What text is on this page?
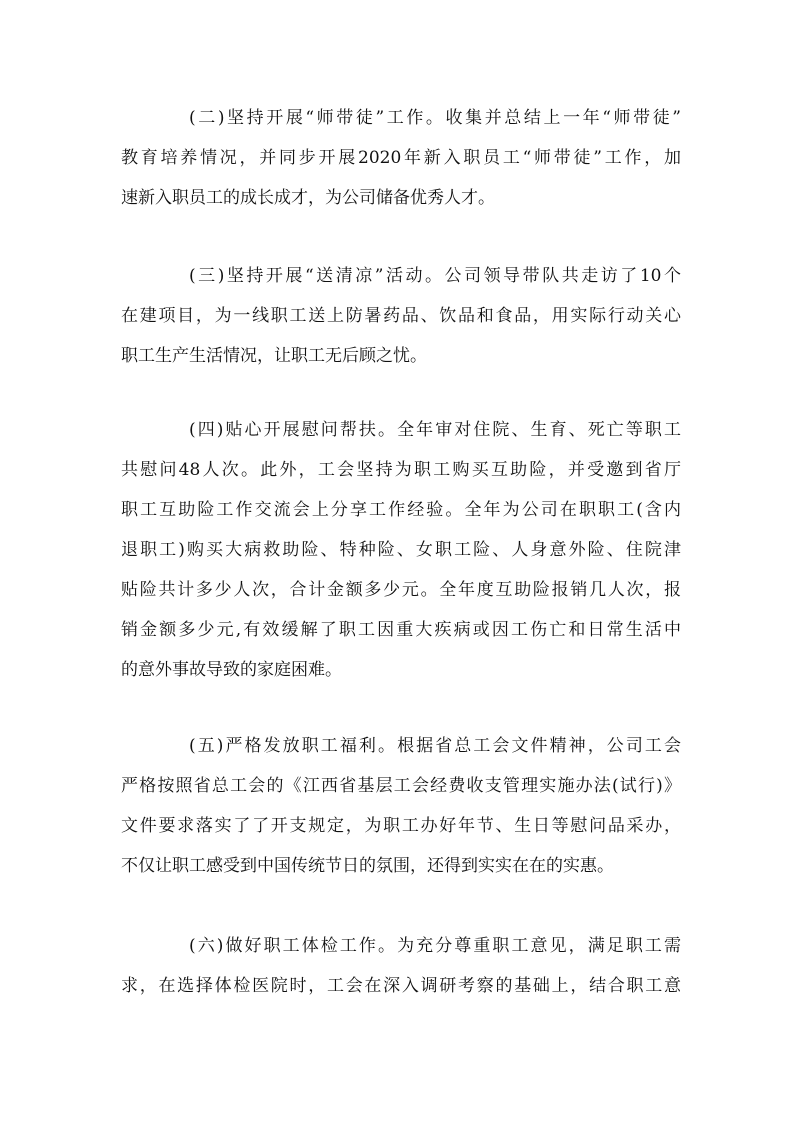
(二)坚持开展“师带徒”工作。收集并总结上一年“师带徒”
教育培养情况，并同步开展2020年新入职员工“师带徒”工作，加
速新入职员工的成长成才，为公司储备优秀人才。
(三)坚持开展“送清凉”活动。公司领导带队共走访了10个
在建项目，为一线职工送上防暑药品、饮品和食品，用实际行动关心
职工生产生活情况，让职工无后顾之忧。
(四)贴心开展慰问帮扶。全年审对住院、生育、死亡等职工
共慰问48人次。此外，工会坚持为职工购买互助险，并受邀到省厅
职工互助险工作交流会上分享工作经验。全年为公司在职职工(含内
退职工)购买大病救助险、特种险、女职工险、人身意外险、住院津
贴险共计多少人次，合计金额多少元。全年度互助险报销几人次，报
销金额多少元,有效缓解了职工因重大疾病或因工伤亡和日常生活中
的意外事故导致的家庭困难。
(五)严格发放职工福利。根据省总工会文件精神，公司工会
严格按照省总工会的《江西省基层工会经费收支管理实施办法(试行)》
文件要求落实了了开支规定，为职工办好年节、生日等慰问品采办，
不仅让职工感受到中国传统节日的氛围，还得到实实在在的实惠。
(六)做好职工体检工作。为充分尊重职工意见，满足职工需
求，在选择体检医院时，工会在深入调研考察的基础上，结合职工意
